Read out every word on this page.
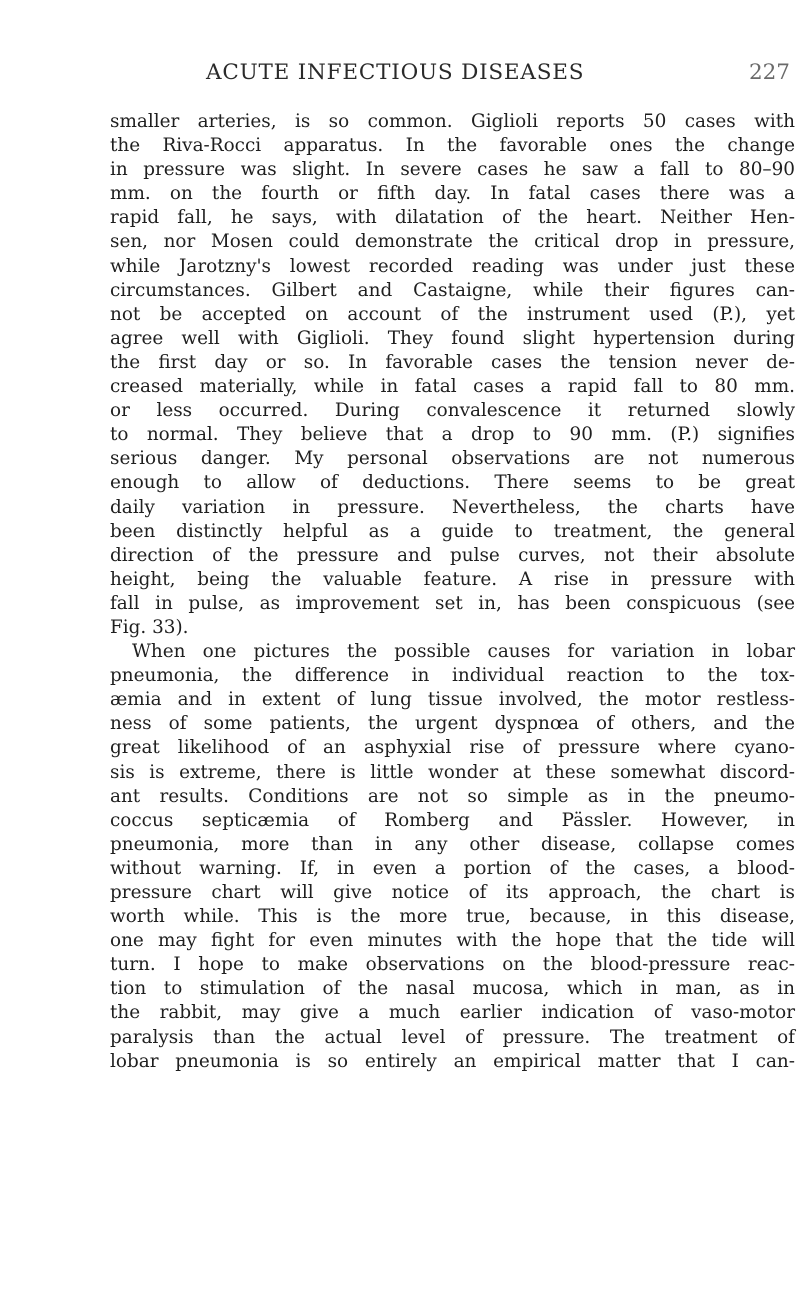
ACUTE INFECTIOUS DISEASES	227
smaller arteries, is so common. Giglioli reports 50 cases with
the Riva-Rocci apparatus. In the favorable ones the change
in pressure was slight. In severe cases he saw a fall to 80–90
mm. on the fourth or fifth day. In fatal cases there was a
rapid fall, he says, with dilatation of the heart. Neither Hen-
sen, nor Mosen could demonstrate the critical drop in pressure,
while Jarotzny's lowest recorded reading was under just these
circumstances. Gilbert and Castaigne, while their figures can-
not be accepted on account of the instrument used (P.), yet
agree well with Giglioli. They found slight hypertension during
the first day or so. In favorable cases the tension never de-
creased materially, while in fatal cases a rapid fall to 80 mm.
or less occurred. During convalescence it returned slowly
to normal. They believe that a drop to 90 mm. (P.) signifies
serious danger. My personal observations are not numerous
enough to allow of deductions. There seems to be great
daily variation in pressure. Nevertheless, the charts have
been distinctly helpful as a guide to treatment, the general
direction of the pressure and pulse curves, not their absolute
height, being the valuable feature. A rise in pressure with
fall in pulse, as improvement set in, has been conspicuous (see
Fig. 33).
When one pictures the possible causes for variation in lobar
pneumonia, the difference in individual reaction to the tox-
æmia and in extent of lung tissue involved, the motor restless-
ness of some patients, the urgent dyspnœa of others, and the
great likelihood of an asphyxial rise of pressure where cyano-
sis is extreme, there is little wonder at these somewhat discord-
ant results. Conditions are not so simple as in the pneumo-
coccus septicæmia of Romberg and Pässler. However, in
pneumonia, more than in any other disease, collapse comes
without warning. If, in even a portion of the cases, a blood-
pressure chart will give notice of its approach, the chart is
worth while. This is the more true, because, in this disease,
one may fight for even minutes with the hope that the tide will
turn. I hope to make observations on the blood-pressure reac-
tion to stimulation of the nasal mucosa, which in man, as in
the rabbit, may give a much earlier indication of vaso-motor
paralysis than the actual level of pressure. The treatment of
lobar pneumonia is so entirely an empirical matter that I can-
